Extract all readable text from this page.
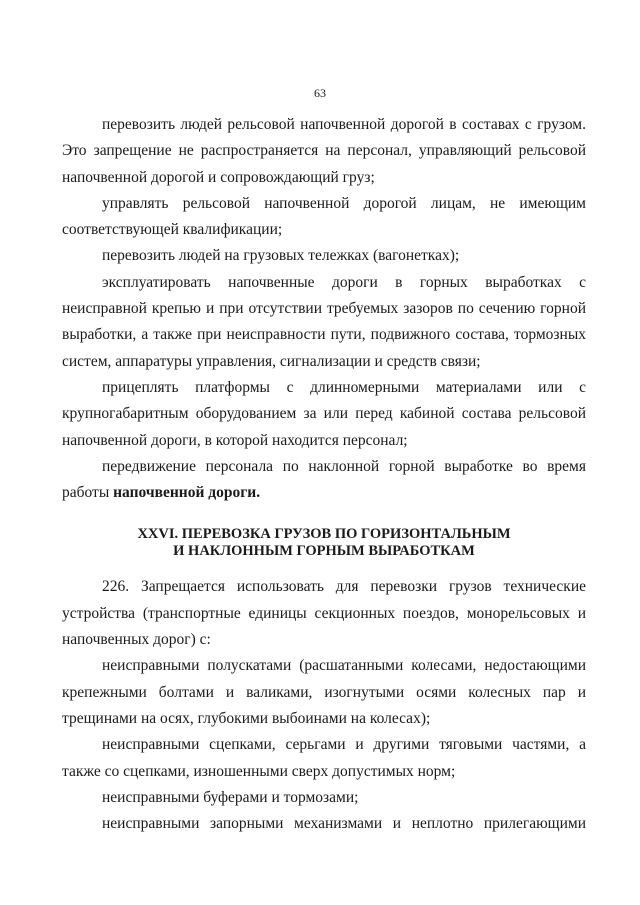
63

перевозить людей рельсовой напочвенной дорогой в составах с грузом. Это запрещение не распространяется на персонал, управляющий рельсовой напочвенной дорогой и сопровождающий груз;

управлять рельсовой напочвенной дорогой лицам, не имеющим соответствующей квалификации;

перевозить людей на грузовых тележках (вагонетках);

эксплуатировать напочвенные дороги в горных выработках с неисправной крепью и при отсутствии требуемых зазоров по сечению горной выработки, а также при неисправности пути, подвижного состава, тормозных систем, аппаратуры управления, сигнализации и средств связи;

прицеплять платформы с длинномерными материалами или с крупногабаритным оборудованием за или перед кабиной состава рельсовой напочвенной дороги, в которой находится персонал;

передвижение персонала по наклонной горной выработке во время работы напочвенной дороги.

XXVI. ПЕРЕВОЗКА ГРУЗОВ ПО ГОРИЗОНТАЛЬНЫМ
И НАКЛОННЫМ ГОРНЫМ ВЫРАБОТКАМ

226. Запрещается использовать для перевозки грузов технические устройства (транспортные единицы секционных поездов, монорельсовых и напочвенных дорог) с:

неисправными полускатами (расшатанными колесами, недостающими крепежными болтами и валиками, изогнутыми осями колесных пар и трещинами на осях, глубокими выбоинами на колесах);

неисправными сцепками, серьгами и другими тяговыми частями, а также со сцепками, изношенными сверх допустимых норм;

неисправными буферами и тормозами;

неисправными запорными механизмами и неплотно прилегающими
